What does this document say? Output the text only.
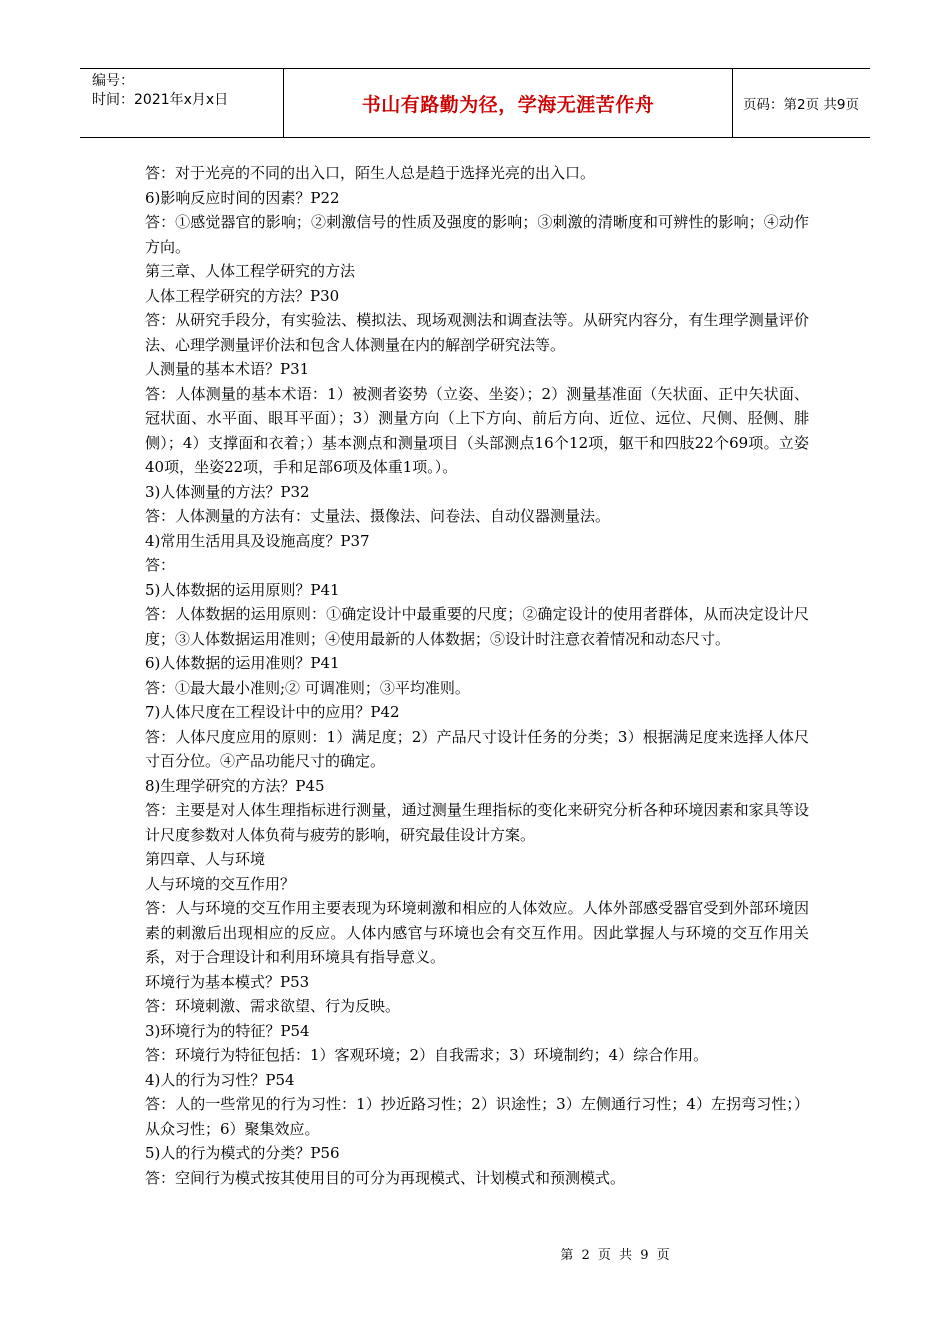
编号：
时间：2021年x月x日	书山有路勤为径，学海无涯苦作舟	页码：第2页 共9页

答：对于光亮的不同的出入口，陌生人总是趋于选择光亮的出入口。

6)影响反应时间的因素？P22

答：①感觉器官的影响；②刺激信号的性质及强度的影响；③刺激的清晰度和可辨性的影响；④动作方向。

第三章、人体工程学研究的方法

人体工程学研究的方法？P30

答：从研究手段分，有实验法、模拟法、现场观测法和调查法等。从研究内容分，有生理学测量评价法、心理学测量评价法和包含人体测量在内的解剖学研究法等。

人测量的基本术语？P31

答：人体测量的基本术语：1）被测者姿势（立姿、坐姿）；2）测量基准面（矢状面、正中矢状面、冠状面、水平面、眼耳平面）；3）测量方向（上下方向、前后方向、近位、远位、尺侧、胫侧、腓侧）；4）支撑面和衣着；）基本测点和测量项目（头部测点16个12项，躯干和四肢22个69项。立姿40项，坐姿22项，手和足部6项及体重1项。）。

3)人体测量的方法？P32

答：人体测量的方法有：丈量法、摄像法、问卷法、自动仪器测量法。

4)常用生活用具及设施高度？P37

答：

5)人体数据的运用原则？P41

答：人体数据的运用原则：①确定设计中最重要的尺度；②确定设计的使用者群体，从而决定设计尺度；③人体数据运用准则；④使用最新的人体数据；⑤设计时注意衣着情况和动态尺寸。

6)人体数据的运用准则？P41

答：①最大最小准则;② 可调准则；③平均准则。

7)人体尺度在工程设计中的应用？P42

答：人体尺度应用的原则：1）满足度；2）产品尺寸设计任务的分类；3）根据满足度来选择人体尺寸百分位。④产品功能尺寸的确定。

8)生理学研究的方法？P45

答：主要是对人体生理指标进行测量，通过测量生理指标的变化来研究分析各种环境因素和家具等设计尺度参数对人体负荷与疲劳的影响，研究最佳设计方案。

第四章、人与环境

人与环境的交互作用？

答：人与环境的交互作用主要表现为环境刺激和相应的人体效应。人体外部感受器官受到外部环境因素的刺激后出现相应的反应。人体内感官与环境也会有交互作用。因此掌握人与环境的交互作用关系，对于合理设计和利用环境具有指导意义。

环境行为基本模式？P53

答：环境刺激、需求欲望、行为反映。

3)环境行为的特征？P54

答：环境行为特征包括：1）客观环境；2）自我需求；3）环境制约；4）综合作用。

4)人的行为习性？P54

答：人的一些常见的行为习性：1）抄近路习性；2）识途性；3）左侧通行习性；4）左拐弯习性；）从众习性；6）聚集效应。

5)人的行为模式的分类？P56

答：空间行为模式按其使用目的可分为再现模式、计划模式和预测模式。

第 2 页 共 9 页
